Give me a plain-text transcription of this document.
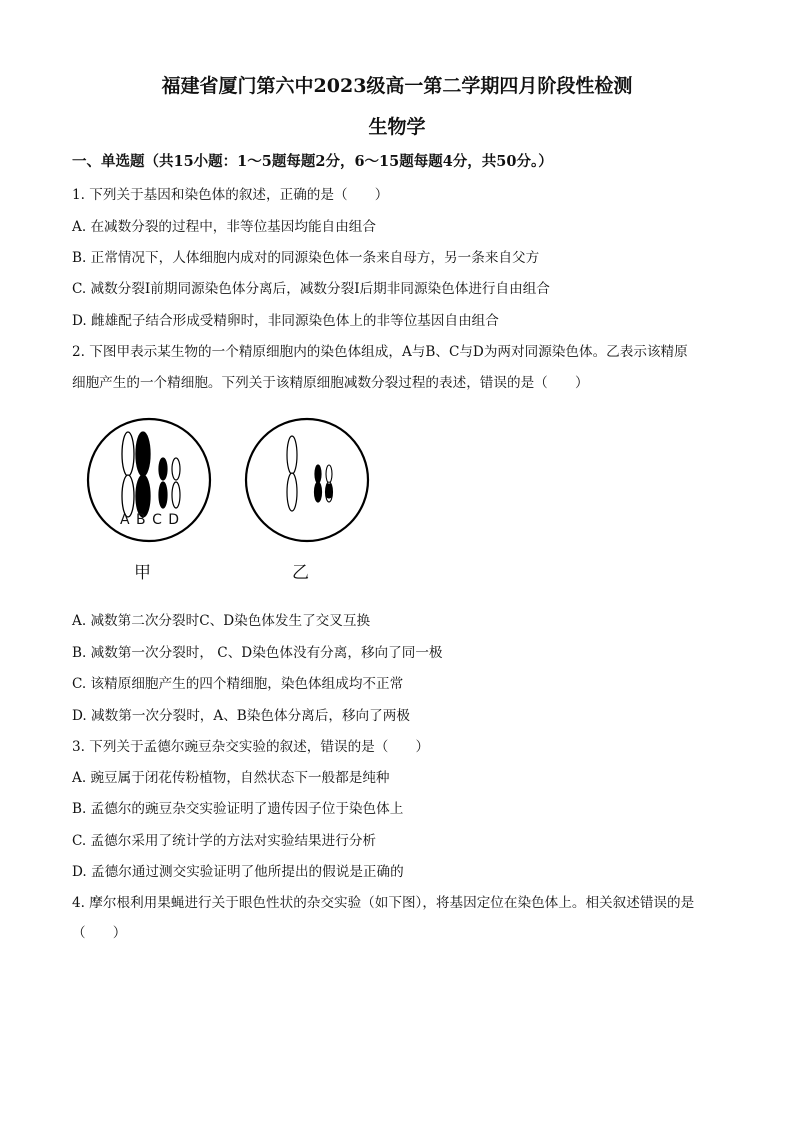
福建省厦门第六中2023级高一第二学期四月阶段性检测
生物学
一、单选题（共15小题：1～5题每题2分，6～15题每题4分，共50分。）
1. 下列关于基因和染色体的叙述，正确的是（　　）
A. 在减数分裂的过程中，非等位基因均能自由组合
B. 正常情况下，人体细胞内成对的同源染色体一条来自母方，另一条来自父方
C. 减数分裂Ⅰ前期同源染色体分离后，减数分裂Ⅰ后期非同源染色体进行自由组合
D. 雌雄配子结合形成受精卵时，非同源染色体上的非等位基因自由组合
2. 下图甲表示某生物的一个精原细胞内的染色体组成，A与B、C与D为两对同源染色体。乙表示该精原
细胞产生的一个精细胞。下列关于该精原细胞减数分裂过程的表述，错误的是（　　）
A B C D
甲	乙
A. 减数第二次分裂时C、D染色体发生了交叉互换
B. 减数第一次分裂时， C、D染色体没有分离，移向了同一极
C. 该精原细胞产生的四个精细胞，染色体组成均不正常
D. 减数第一次分裂时，A、B染色体分离后，移向了两极
3. 下列关于孟德尔豌豆杂交实验的叙述，错误的是（　　）
A. 豌豆属于闭花传粉植物，自然状态下一般都是纯种
B. 孟德尔的豌豆杂交实验证明了遗传因子位于染色体上
C. 孟德尔采用了统计学的方法对实验结果进行分析
D. 孟德尔通过测交实验证明了他所提出的假说是正确的
4. 摩尔根利用果蝇进行关于眼色性状的杂交实验（如下图），将基因定位在染色体上。相关叙述错误的是
（　　）
